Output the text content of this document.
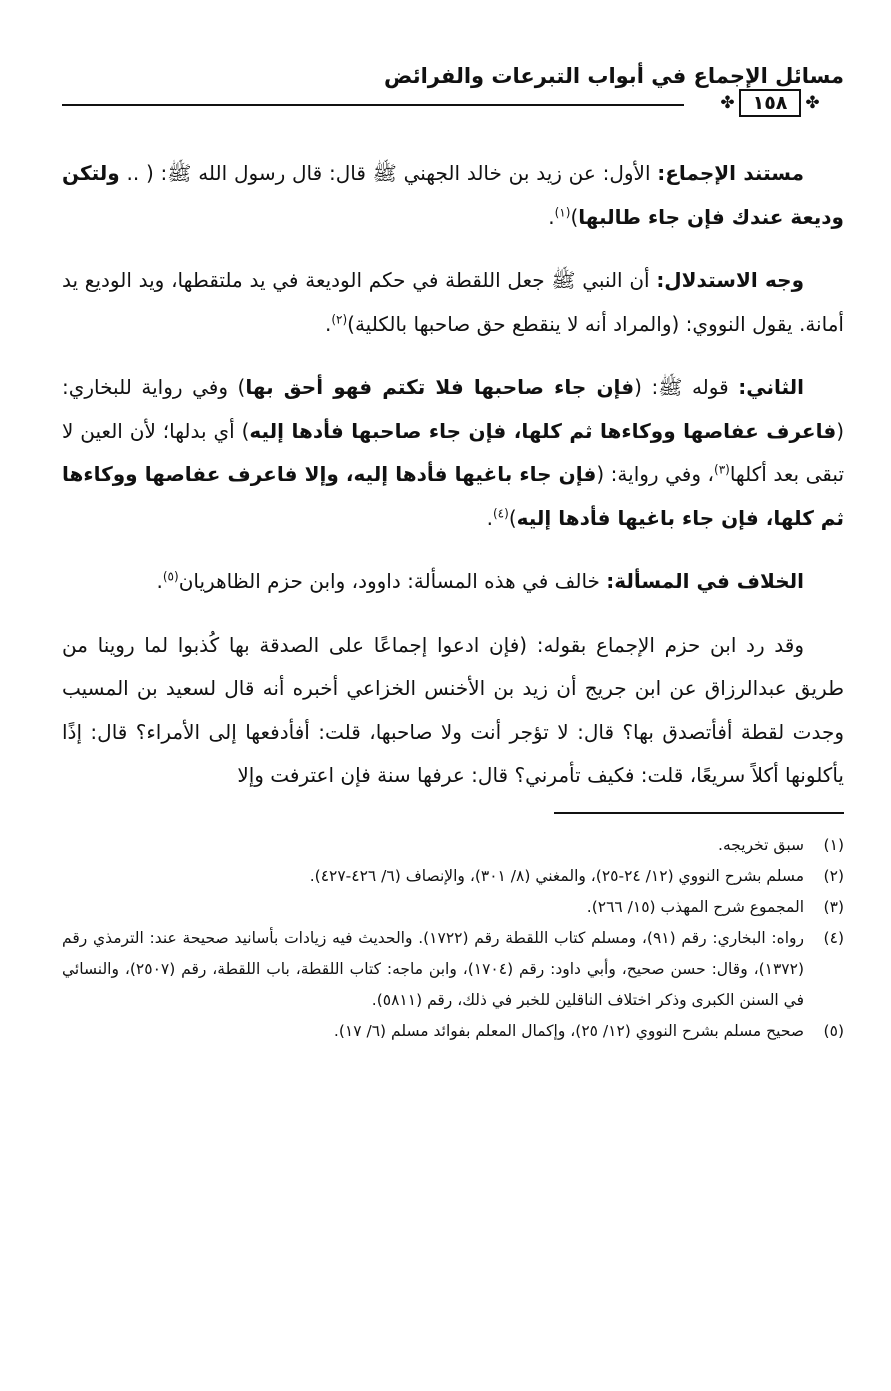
مسائل الإجماع في أبواب التبرعات والفرائض
✤
١٥٨
✤

مستند الإجماع: الأول: عن زيد بن خالد الجهني ﷺ قال: قال رسول الله ﷺ: ( .. ولتكن وديعة عندك فإن جاء طالبها)$^{(١)}$.

وجه الاستدلال: أن النبي ﷺ جعل اللقطة في حكم الوديعة في يد ملتقطها، ويد الوديع يد أمانة. يقول النووي: (والمراد أنه لا ينقطع حق صاحبها بالكلية)$^{(٢)}$.

الثاني: قوله ﷺ: (فإن جاء صاحبها فلا تكتم فهو أحق بها) وفي رواية للبخاري: (فاعرف عفاصها ووكاءها ثم كلها، فإن جاء صاحبها فأدها إليه) أي بدلها؛ لأن العين لا تبقى بعد أكلها$^{(٣)}$، وفي رواية: (فإن جاء باغيها فأدها إليه، وإلا فاعرف عفاصها ووكاءها ثم كلها، فإن جاء باغيها فأدها إليه)$^{(٤)}$.

الخلاف في المسألة: خالف في هذه المسألة: داوود، وابن حزم الظاهريان$^{(٥)}$.

وقد رد ابن حزم الإجماع بقوله: (فإن ادعوا إجماعًا على الصدقة بها كُذبوا لما روينا من طريق عبدالرزاق عن ابن جريج أن زيد بن الأخنس الخزاعي أخبره أنه قال لسعيد بن المسيب وجدت لقطة أفأتصدق بها؟ قال: لا تؤجر أنت ولا صاحبها، قلت: أفأدفعها إلى الأمراء؟ قال: إذًا يأكلونها أكلاً سريعًا، قلت: فكيف تأمرني؟ قال: عرفها سنة فإن اعترفت وإلا

(١)
سبق تخريجه.
(٢)
مسلم بشرح النووي (١٢/ ٢٤-٢٥)، والمغني (٨/ ٣٠١)، والإنصاف (٦/ ٤٢٦-٤٢٧).
(٣)
المجموع شرح المهذب (١٥/ ٢٦٦).
(٤)
رواه: البخاري: رقم (٩١)، ومسلم كتاب اللقطة رقم (١٧٢٢). والحديث فيه زيادات بأسانيد صحيحة عند: الترمذي رقم (١٣٧٢)، وقال: حسن صحيح، وأبي داود: رقم (١٧٠٤)، وابن ماجه: كتاب اللقطة، باب اللقطة، رقم (٢٥٠٧)، والنسائي في السنن الكبرى وذكر اختلاف الناقلين للخبر في ذلك، رقم (٥٨١١).
(٥)
صحيح مسلم بشرح النووي (١٢/ ٢٥)، وإكمال المعلم بفوائد مسلم (٦/ ١٧).
